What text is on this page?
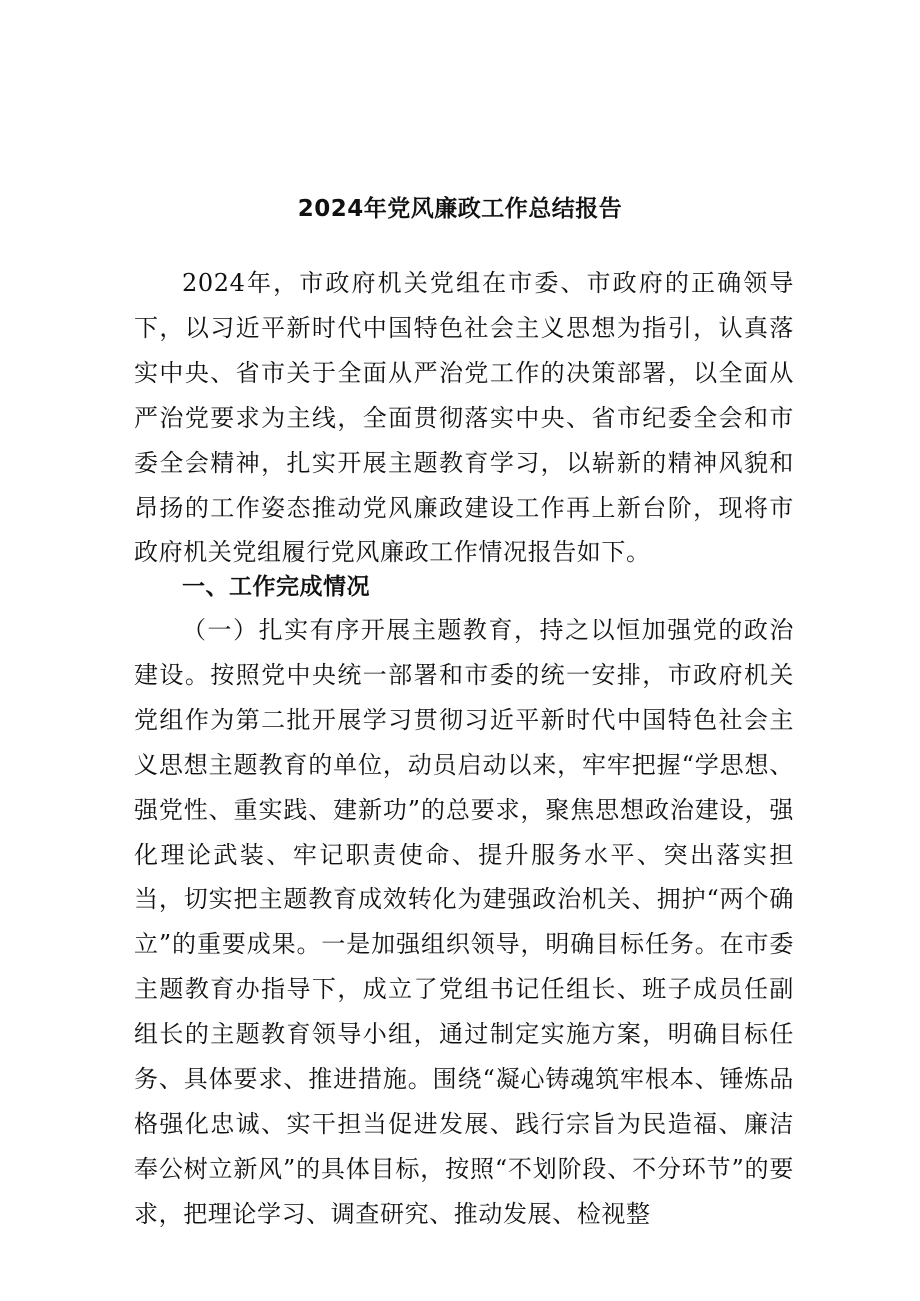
2024年党风廉政工作总结报告

2024年，市政府机关党组在市委、市政府的正确领导下，以习近平新时代中国特色社会主义思想为指引，认真落实中央、省市关于全面从严治党工作的决策部署，以全面从严治党要求为主线，全面贯彻落实中央、省市纪委全会和市委全会精神，扎实开展主题教育学习，以崭新的精神风貌和昂扬的工作姿态推动党风廉政建设工作再上新台阶，现将市政府机关党组履行党风廉政工作情况报告如下。

一、工作完成情况

（一）扎实有序开展主题教育，持之以恒加强党的政治建设。按照党中央统一部署和市委的统一安排，市政府机关党组作为第二批开展学习贯彻习近平新时代中国特色社会主义思想主题教育的单位，动员启动以来，牢牢把握“学思想、强党性、重实践、建新功”的总要求，聚焦思想政治建设，强化理论武装、牢记职责使命、提升服务水平、突出落实担当，切实把主题教育成效转化为建强政治机关、拥护“两个确立”的重要成果。一是加强组织领导，明确目标任务。在市委主题教育办指导下，成立了党组书记任组长、班子成员任副组长的主题教育领导小组，通过制定实施方案，明确目标任务、具体要求、推进措施。围绕“凝心铸魂筑牢根本、锤炼品格强化忠诚、实干担当促进发展、践行宗旨为民造福、廉洁奉公树立新风”的具体目标，按照“不划阶段、不分环节”的要求，把理论学习、调查研究、推动发展、检视整
